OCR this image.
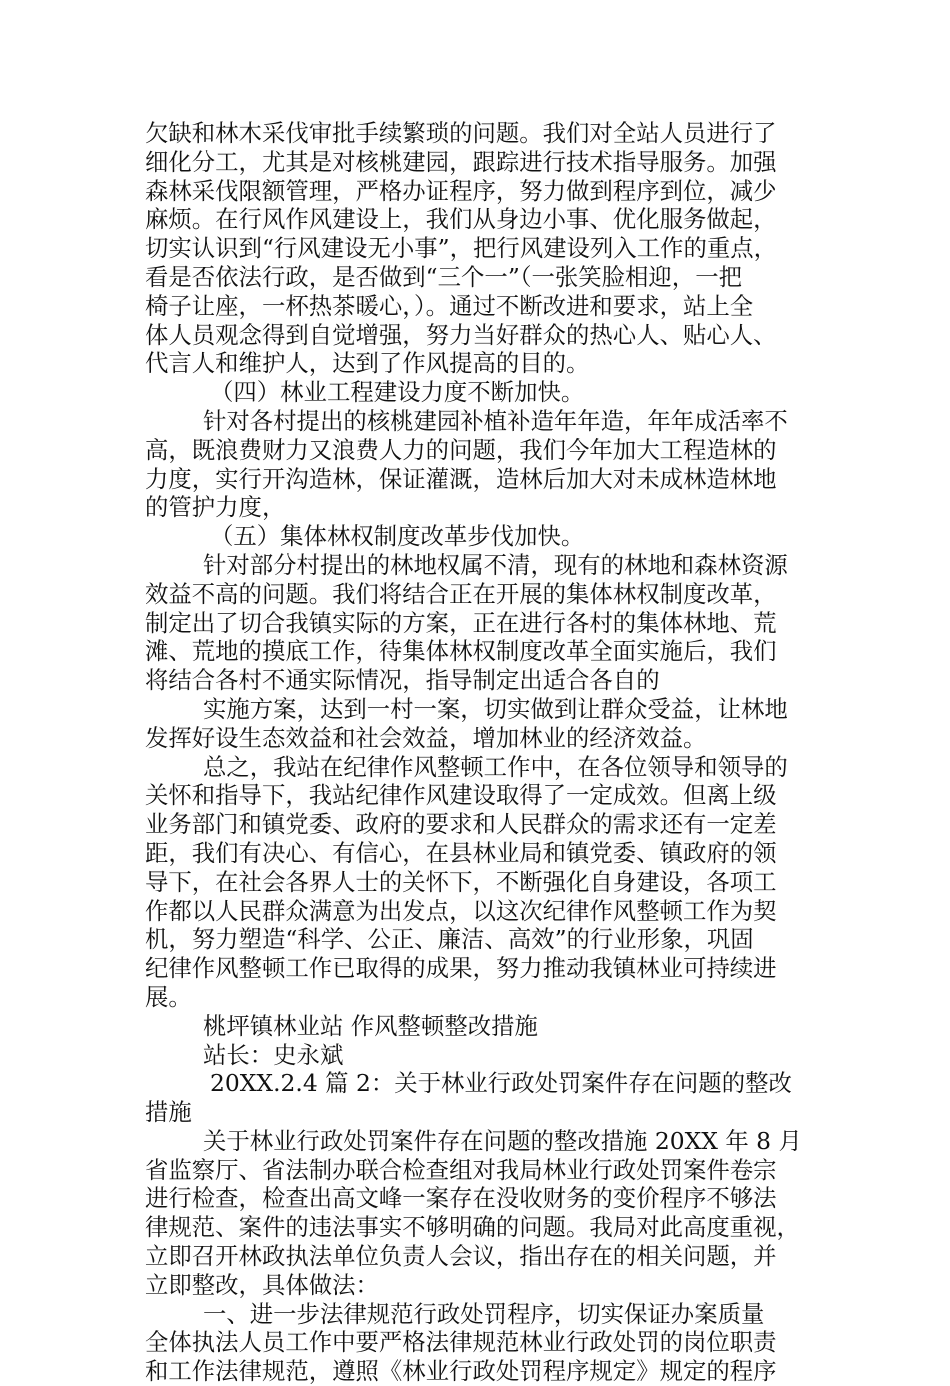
欠缺和林木采伐审批手续繁琐的问题。我们对全站人员进行了
细化分工，尤其是对核桃建园，跟踪进行技术指导服务。加强
森林采伐限额管理，严格办证程序，努力做到程序到位，减少
麻烦。在行风作风建设上，我们从身边小事、优化服务做起，
切实认识到“行风建设无小事”，把行风建设列入工作的重点，
看是否依法行政，是否做到“三个一”（一张笑脸相迎，一把
椅子让座，一杯热茶暖心，）。通过不断改进和要求，站上全
体人员观念得到自觉增强，努力当好群众的热心人、贴心人、
代言人和维护人，达到了作风提高的目的。
（四）林业工程建设力度不断加快。
针对各村提出的核桃建园补植补造年年造，年年成活率不
高，既浪费财力又浪费人力的问题，我们今年加大工程造林的
力度，实行开沟造林，保证灌溉，造林后加大对未成林造林地
的管护力度，
（五）集体林权制度改革步伐加快。
针对部分村提出的林地权属不清，现有的林地和森林资源
效益不高的问题。我们将结合正在开展的集体林权制度改革，
制定出了切合我镇实际的方案，正在进行各村的集体林地、荒
滩、荒地的摸底工作，待集体林权制度改革全面实施后，我们
将结合各村不通实际情况，指导制定出适合各自的
实施方案，达到一村一案，切实做到让群众受益，让林地
发挥好设生态效益和社会效益，增加林业的经济效益。
总之，我站在纪律作风整顿工作中，在各位领导和领导的
关怀和指导下，我站纪律作风建设取得了一定成效。但离上级
业务部门和镇党委、政府的要求和人民群众的需求还有一定差
距，我们有决心、有信心，在县林业局和镇党委、镇政府的领
导下，在社会各界人士的关怀下，不断强化自身建设，各项工
作都以人民群众满意为出发点，以这次纪律作风整顿工作为契
机，努力塑造“科学、公正、廉洁、高效”的行业形象，巩固
纪律作风整顿工作已取得的成果，努力推动我镇林业可持续进
展。
桃坪镇林业站 作风整顿整改措施
站长：史永斌
20XX.2.4 篇 2：关于林业行政处罚案件存在问题的整改
措施
关于林业行政处罚案件存在问题的整改措施 20XX 年 8 月
省监察厅、省法制办联合检查组对我局林业行政处罚案件卷宗
进行检查，检查出高文峰一案存在没收财务的变价程序不够法
律规范、案件的违法事实不够明确的问题。我局对此高度重视，
立即召开林政执法单位负责人会议，指出存在的相关问题，并
立即整改，具体做法：
一、进一步法律规范行政处罚程序，切实保证办案质量
全体执法人员工作中要严格法律规范林业行政处罚的岗位职责
和工作法律规范，遵照《林业行政处罚程序规定》规定的程序
